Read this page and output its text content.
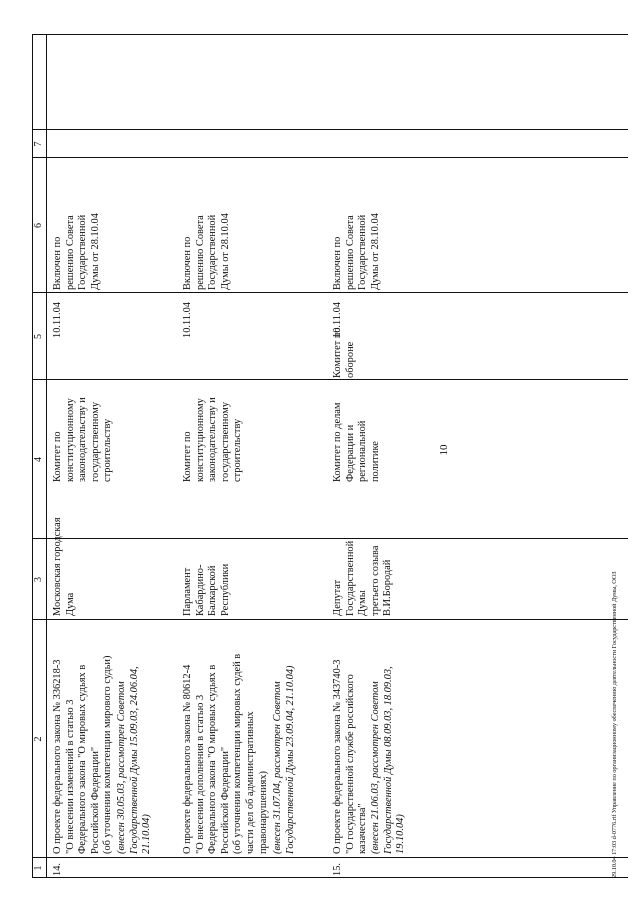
10
1
2
3
4
5
6
7
14.
О проекте федерального закона № 336218-3
"О внесении изменений в статью 3
Федерального закона "О мировых судьях в
Российской Федерации"
(об уточнении компетенции мирового судьи)
(внесен 30.05.03, рассмотрен Советом
Государственной Думы 15.09.03, 24.06.04,
21.10.04)
Московская городская
Дума
Комитет по
конституционному
законодательству и
государственному
строительству
10.11.04
Включен по
решению Совета
Государственной
Думы от 28.10.04
О проекте федерального закона № 80612-4
"О внесении дополнения в статью 3
Федерального закона "О мировых судьях в
Российской Федерации"
(об уточнении компетенции мировых судей в
части дел об административных
правонарушениях) (внесен 31.07.04, рассмотрен Советом
Государственной Думы 23.09.04, 21.10.04)
Парламент
Кабардино-
Балкарской
Республики
Комитет по
конституционному
законодательству и
государственному
строительству
10.11.04
Включен по
решению Совета
Государственной
Думы от 28.10.04
15.
О проекте федерального закона № 343740-3
"О государственной службе российского
казачества" (внесен 21.06.03, рассмотрен Советом
Государственной Думы 08.09.03, 18.09.03,
19.10.04)
Депутат
Государственной
Думы
третьего созыва
В.И.Бородай
Комитет по делам
Федерации и
региональной
политике
Комитет по
обороне
10.11.04
Включен по
решению Совета
Государственной
Думы от 28.10.04
29.10.04 17:03 d-0776.rtf Управление по организационному обеспечению деятельности Государственной Думы, ООЗ
